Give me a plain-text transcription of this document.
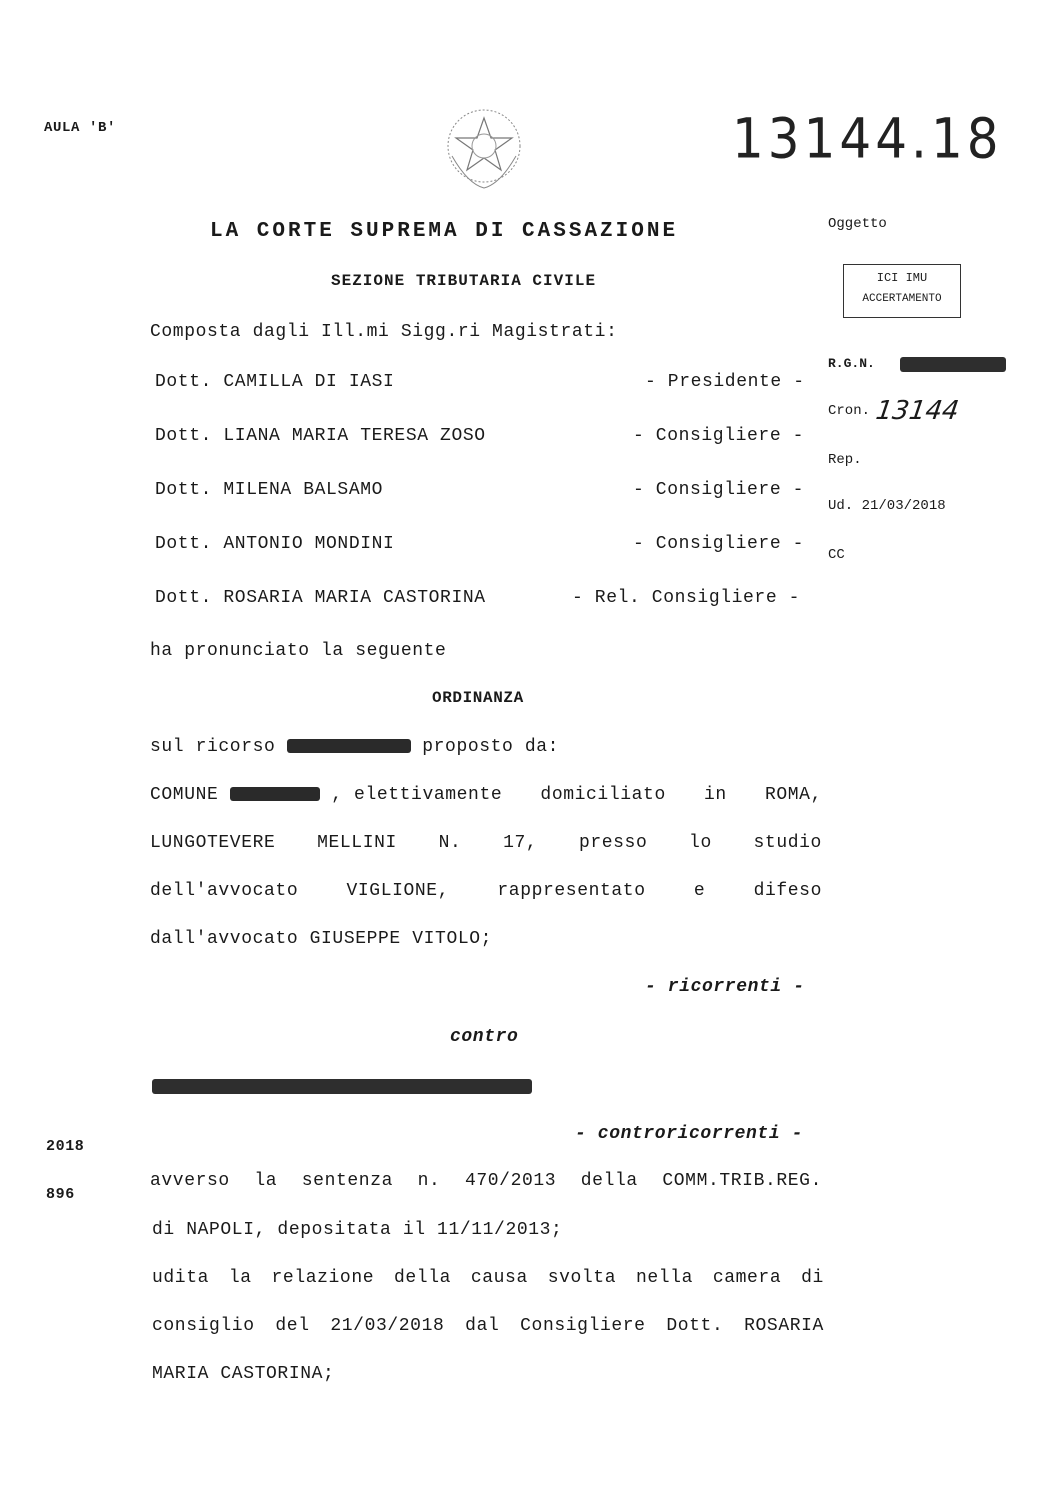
AULA 'B'	13144.18
LA CORTE SUPREMA DI CASSAZIONE
SEZIONE TRIBUTARIA CIVILE
Oggetto
ICI IMU
ACCERTAMENTO
R.G.N.
Cron. 13144
Rep.
Ud. 21/03/2018
CC
Composta dagli Ill.mi Sigg.ri Magistrati:
Dott. CAMILLA DI IASI	- Presidente -
Dott. LIANA MARIA TERESA ZOSO	- Consigliere -
Dott. MILENA BALSAMO	- Consigliere -
Dott. ANTONIO MONDINI	- Consigliere -
Dott. ROSARIA MARIA CASTORINA	- Rel. Consigliere -
ha pronunciato la seguente
ORDINANZA
sul ricorso	proposto da:
COMUNE	, elettivamente domiciliato in ROMA,
LUNGOTEVERE MELLINI N. 17, presso lo studio
dell'avvocato	VIGLIONE,	rappresentato	e	difeso
dall'avvocato GIUSEPPE VITOLO;
- ricorrenti -
contro
- controricorrenti -
2018
896
avverso la sentenza n. 470/2013 della COMM.TRIB.REG.
di NAPOLI, depositata il 11/11/2013;
udita la relazione della causa svolta nella camera di
consiglio del 21/03/2018 dal Consigliere Dott. ROSARIA
MARIA CASTORINA;
